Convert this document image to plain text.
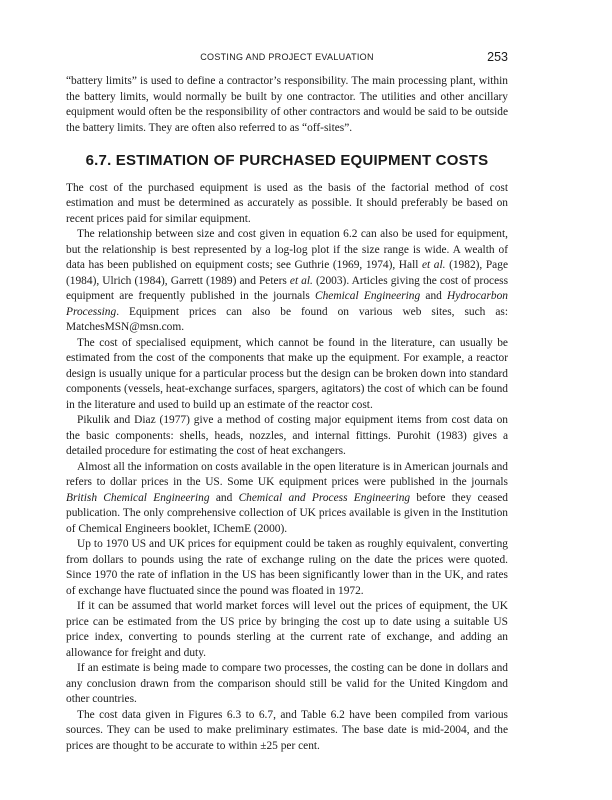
COSTING AND PROJECT EVALUATION	253

“battery limits” is used to define a contractor’s responsibility. The main processing plant, within the battery limits, would normally be built by one contractor. The utilities and other ancillary equipment would often be the responsibility of other contractors and would be said to be outside the battery limits. They are often also referred to as “off-sites”.

6.7. ESTIMATION OF PURCHASED EQUIPMENT COSTS

The cost of the purchased equipment is used as the basis of the factorial method of cost estimation and must be determined as accurately as possible. It should preferably be based on recent prices paid for similar equipment.

The relationship between size and cost given in equation 6.2 can also be used for equipment, but the relationship is best represented by a log-log plot if the size range is wide. A wealth of data has been published on equipment costs; see Guthrie (1969, 1974), Hall et al. (1982), Page (1984), Ulrich (1984), Garrett (1989) and Peters et al. (2003). Articles giving the cost of process equipment are frequently published in the journals Chemical Engineering and Hydrocarbon Processing. Equipment prices can also be found on various web sites, such as: MatchesMSN@msn.com.

The cost of specialised equipment, which cannot be found in the literature, can usually be estimated from the cost of the components that make up the equipment. For example, a reactor design is usually unique for a particular process but the design can be broken down into standard components (vessels, heat-exchange surfaces, spargers, agitators) the cost of which can be found in the literature and used to build up an estimate of the reactor cost.

Pikulik and Diaz (1977) give a method of costing major equipment items from cost data on the basic components: shells, heads, nozzles, and internal fittings. Purohit (1983) gives a detailed procedure for estimating the cost of heat exchangers.

Almost all the information on costs available in the open literature is in American journals and refers to dollar prices in the US. Some UK equipment prices were published in the journals British Chemical Engineering and Chemical and Process Engineering before they ceased publication. The only comprehensive collection of UK prices available is given in the Institution of Chemical Engineers booklet, IChemE (2000).

Up to 1970 US and UK prices for equipment could be taken as roughly equivalent, converting from dollars to pounds using the rate of exchange ruling on the date the prices were quoted. Since 1970 the rate of inflation in the US has been significantly lower than in the UK, and rates of exchange have fluctuated since the pound was floated in 1972.

If it can be assumed that world market forces will level out the prices of equipment, the UK price can be estimated from the US price by bringing the cost up to date using a suitable US price index, converting to pounds sterling at the current rate of exchange, and adding an allowance for freight and duty.

If an estimate is being made to compare two processes, the costing can be done in dollars and any conclusion drawn from the comparison should still be valid for the United Kingdom and other countries.

The cost data given in Figures 6.3 to 6.7, and Table 6.2 have been compiled from various sources. They can be used to make preliminary estimates. The base date is mid-2004, and the prices are thought to be accurate to within ±25 per cent.
